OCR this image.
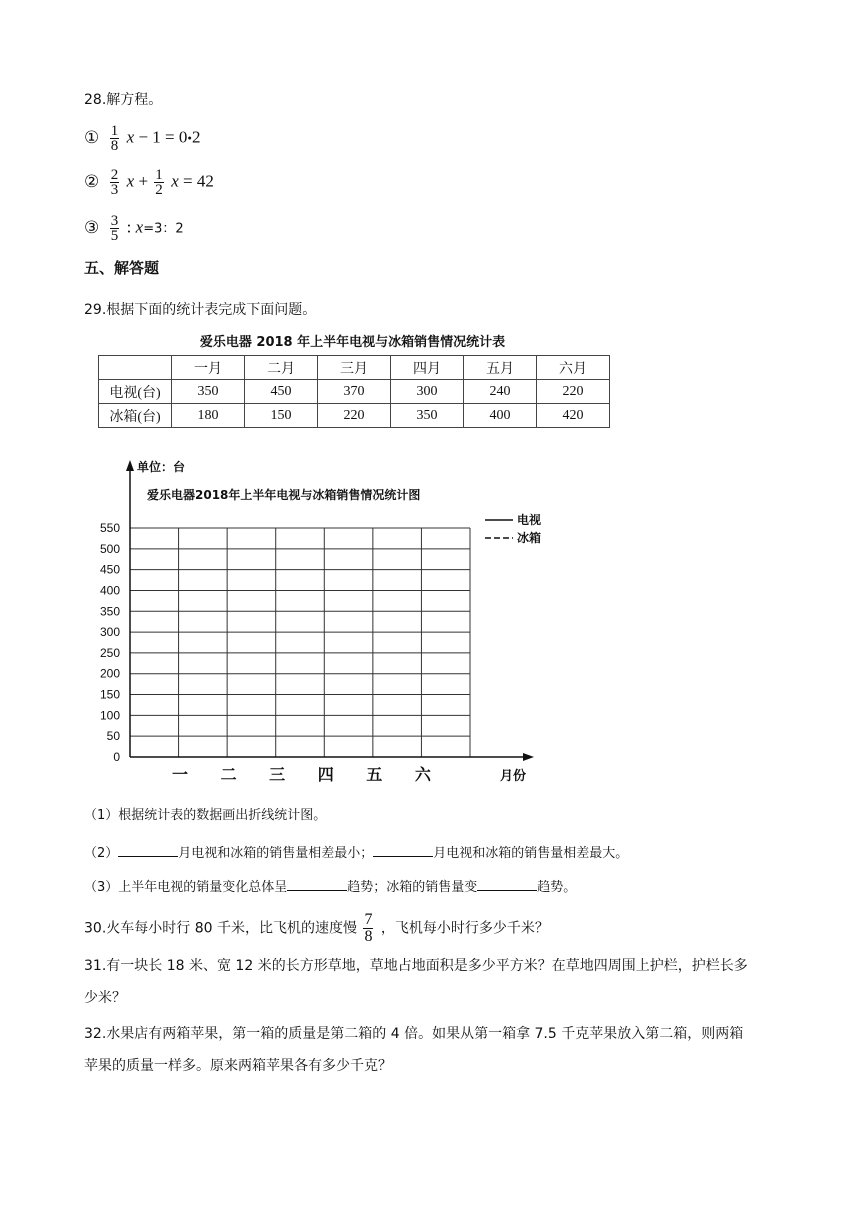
28.解方程。
① $\frac{1}{8}$ x − 1 = 0•2
② $\frac{2}{3}$ $x + \frac{1}{2}$ x = 42
③ $\frac{3}{5}$ : x=3：2
五、解答题
29.根据下面的统计表完成下面问题。
爱乐电器 2018 年上半年电视与冰箱销售情况统计表
	一月	二月	三月	四月	五月	六月
电视(台)	350	450	370	300	240	220
冰箱(台)	180	150	220	350	400	420
550
500
450
400
350
300
250
200
150
100
50
0
单位：台
爱乐电器2018年上半年电视与冰箱销售情况统计图
电视
冰箱
一 二 三 四 五 六	月份
（1）根据统计表的数据画出折线统计图。
（2）	月电视和冰箱的销售量相差最小；	月电视和冰箱的销售量相差最大。
（3）上半年电视的销量变化总体呈	趋势；冰箱的销售量变	趋势。
30.火车每小时行 80 千米，比飞机的速度慢 $\frac{7}{8}$ ，飞机每小时行多少千米？
31.有一块长 18 米、宽 12 米的长方形草地，草地占地面积是多少平方米？在草地四周围上护栏，护栏长多
少米？
32.水果店有两箱苹果，第一箱的质量是第二箱的 4 倍。如果从第一箱拿 7.5 千克苹果放入第二箱，则两箱
苹果的质量一样多。原来两箱苹果各有多少千克？
